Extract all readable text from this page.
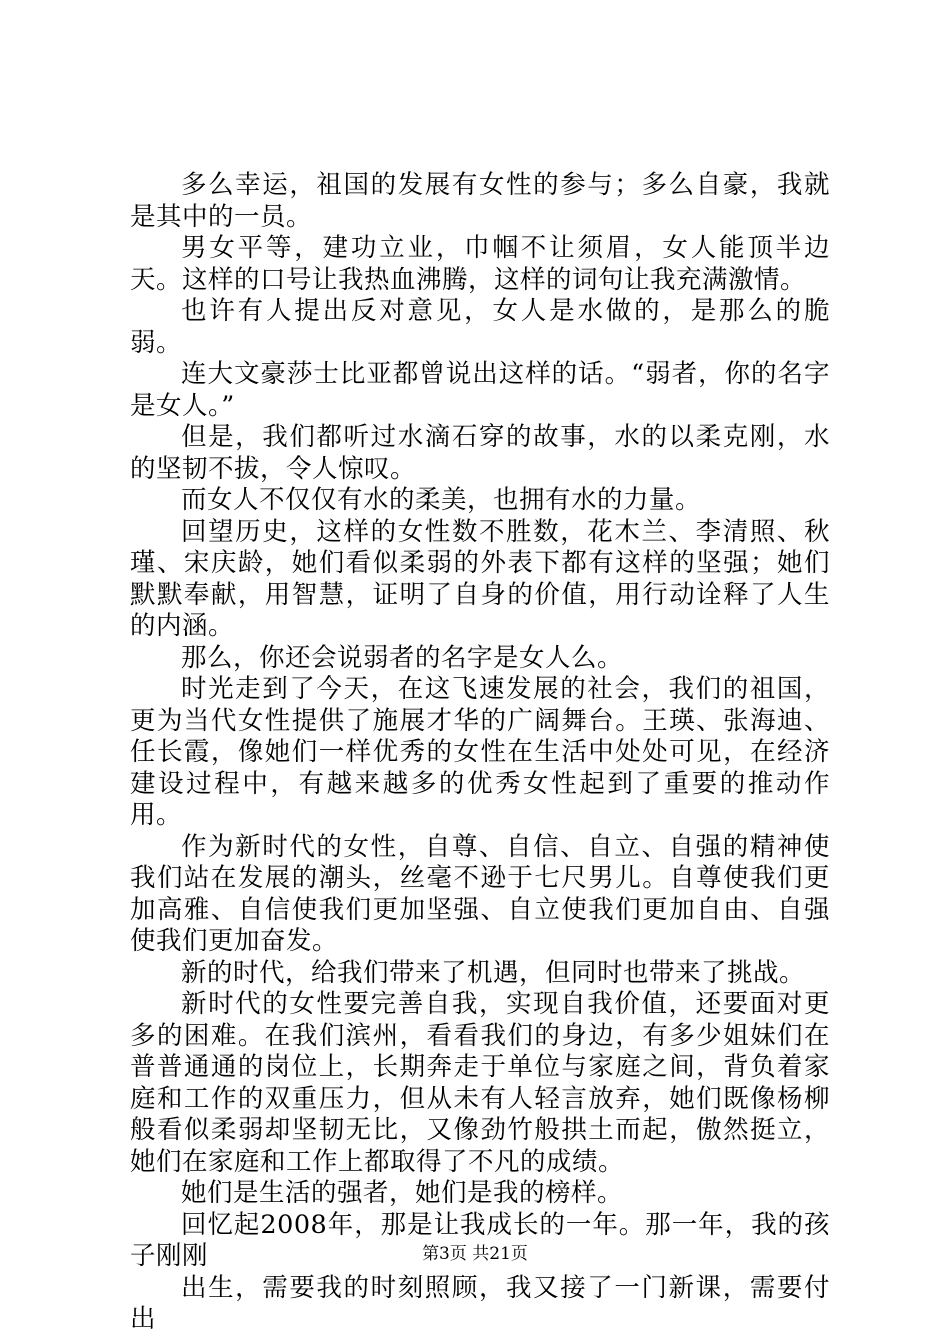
多么幸运，祖国的发展有女性的参与；多么自豪，我就是其中的一员。

男女平等，建功立业，巾帼不让须眉，女人能顶半边天。这样的口号让我热血沸腾，这样的词句让我充满激情。

也许有人提出反对意见，女人是水做的，是那么的脆弱。

连大文豪莎士比亚都曾说出这样的话。“弱者，你的名字是女人。”

但是，我们都听过水滴石穿的故事，水的以柔克刚，水的坚韧不拔，令人惊叹。

而女人不仅仅有水的柔美，也拥有水的力量。

回望历史，这样的女性数不胜数，花木兰、李清照、秋瑾、宋庆龄，她们看似柔弱的外表下都有这样的坚强；她们默默奉献，用智慧，证明了自身的价值，用行动诠释了人生的内涵。

那么，你还会说弱者的名字是女人么。

时光走到了今天，在这飞速发展的社会，我们的祖国，更为当代女性提供了施展才华的广阔舞台。王瑛、张海迪、任长霞，像她们一样优秀的女性在生活中处处可见，在经济建设过程中，有越来越多的优秀女性起到了重要的推动作用。

作为新时代的女性，自尊、自信、自立、自强的精神使我们站在发展的潮头，丝毫不逊于七尺男儿。自尊使我们更加高雅、自信使我们更加坚强、自立使我们更加自由、自强使我们更加奋发。

新的时代，给我们带来了机遇，但同时也带来了挑战。

新时代的女性要完善自我，实现自我价值，还要面对更多的困难。在我们滨州，看看我们的身边，有多少姐妹们在普普通通的岗位上，长期奔走于单位与家庭之间，背负着家庭和工作的双重压力，但从未有人轻言放弃，她们既像杨柳般看似柔弱却坚韧无比，又像劲竹般拱土而起，傲然挺立，她们在家庭和工作上都取得了不凡的成绩。

她们是生活的强者，她们是我的榜样。

回忆起2008年，那是让我成长的一年。那一年，我的孩子刚刚

出生，需要我的时刻照顾，我又接了一门新课，需要付出

第3页 共21页
